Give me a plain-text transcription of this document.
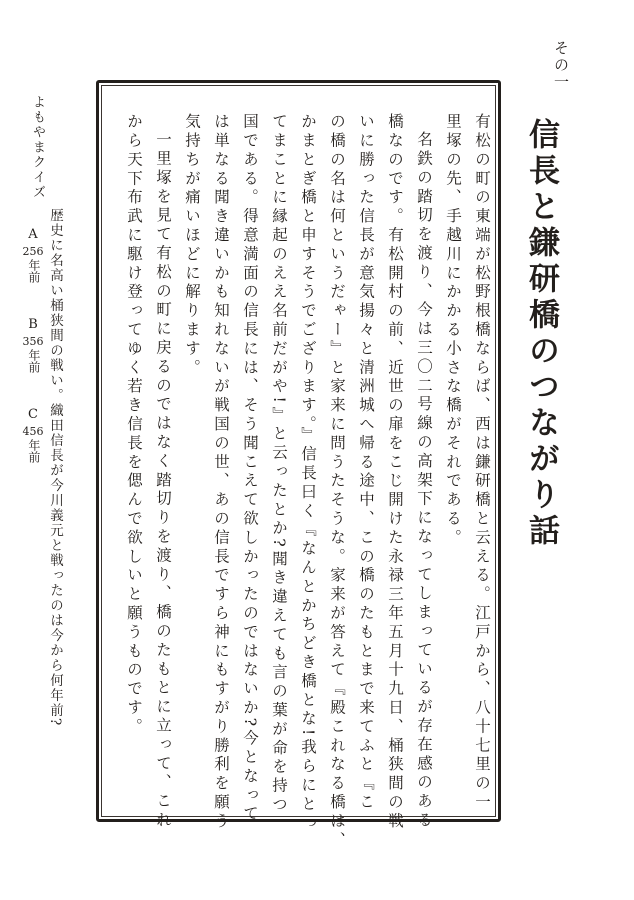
その一
信長と鎌研橋のつながり話
有松の町の東端が松野根橋ならば、西は鎌研橋と云える。江戸から、八十七里の一
里塚の先、手越川にかかる小さな橋がそれである。
名鉄の踏切を渡り、今は三〇二号線の高架下になってしまっているが存在感のある
橋なのです。有松開村の前、近世の扉をこじ開けた永禄三年五月十九日、桶狭間の戦
いに勝った信長が意気揚々と清洲城へ帰る途中、この橋のたもとまで来てふと『こ
の橋の名は何というだゃー』と家来に問うたそうな。家来が答えて『殿これなる橋は、
かまとぎ橋と申すそうでござります。』信長曰く『なんとかちどき橋とな!我らにとっ
てまことに縁起のええ名前だがや!』と云ったとか?聞き違えても言の葉が命を持つ
国である。得意満面の信長には、そう聞こえて欲しかったのではないか?今となって
は単なる聞き違いかも知れないが戦国の世、あの信長ですら神にもすがり勝利を願う
気持ちが痛いほどに解ります。
一里塚を見て有松の町に戻るのではなく踏切りを渡り、橋のたもとに立って、これ
から天下布武に駆け登ってゆく若き信長を偲んで欲しいと願うものです。
よもやまクイズ
歴史に名高い桶狭間の戦い。織田信長が今川義元と戦ったのは今から何年前?
A
256
年前
B
356
年前
C
456
年前
